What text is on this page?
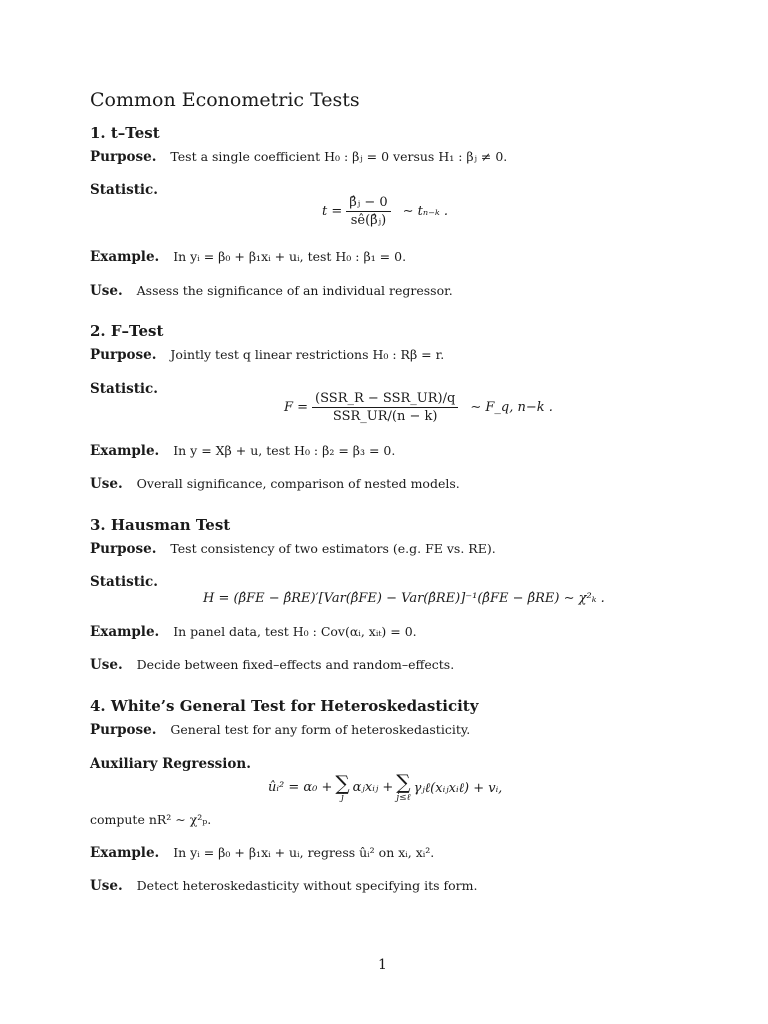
Common Econometric Tests
1. t–Test
Purpose. Test a single coefficient H₀ : βⱼ = 0 versus H₁ : βⱼ ≠ 0.
Statistic.
$t = \frac{\text{β̂ⱼ − 0}}{\text{sê(β̂ⱼ)}}$ ∼ tₙ₋ₖ .
Example. In yᵢ = β₀ + β₁xᵢ + uᵢ, test H₀ : β₁ = 0.
Use. Assess the significance of an individual regressor.
2. F–Test
Purpose. Jointly test q linear restrictions H₀ : Rβ = r.
Statistic.
$F = \frac{\text{(SSR\_R − SSR\_UR)/q}}{\text{SSR\_UR/(n − k)}}$ ∼ F_q, n−k .
Example. In y = Xβ + u, test H₀ : β₂ = β₃ = 0.
Use. Overall significance, comparison of nested models.
3. Hausman Test
Purpose. Test consistency of two estimators (e.g. FE vs. RE).
Statistic.
H = (β̂FE − β̂RE)′[Var(β̂FE) − Var(β̂RE)]⁻¹(β̂FE − β̂RE) ∼ χ²ₖ .
Example. In panel data, test H₀ : Cov(αᵢ, xᵢₜ) = 0.
Use. Decide between fixed–effects and random–effects.
4. White’s General Test for Heteroskedasticity
Purpose. General test for any form of heteroskedasticity.
Auxiliary Regression.
ûᵢ² = α₀ + ∑
j
αⱼxᵢⱼ + ∑
j≤ℓ
γⱼℓ(xᵢⱼxᵢℓ) + vᵢ,
compute nR² ∼ χ²ₚ.
Example. In yᵢ = β₀ + β₁xᵢ + uᵢ, regress ûᵢ² on xᵢ, xᵢ².
Use. Detect heteroskedasticity without specifying its form.
1
